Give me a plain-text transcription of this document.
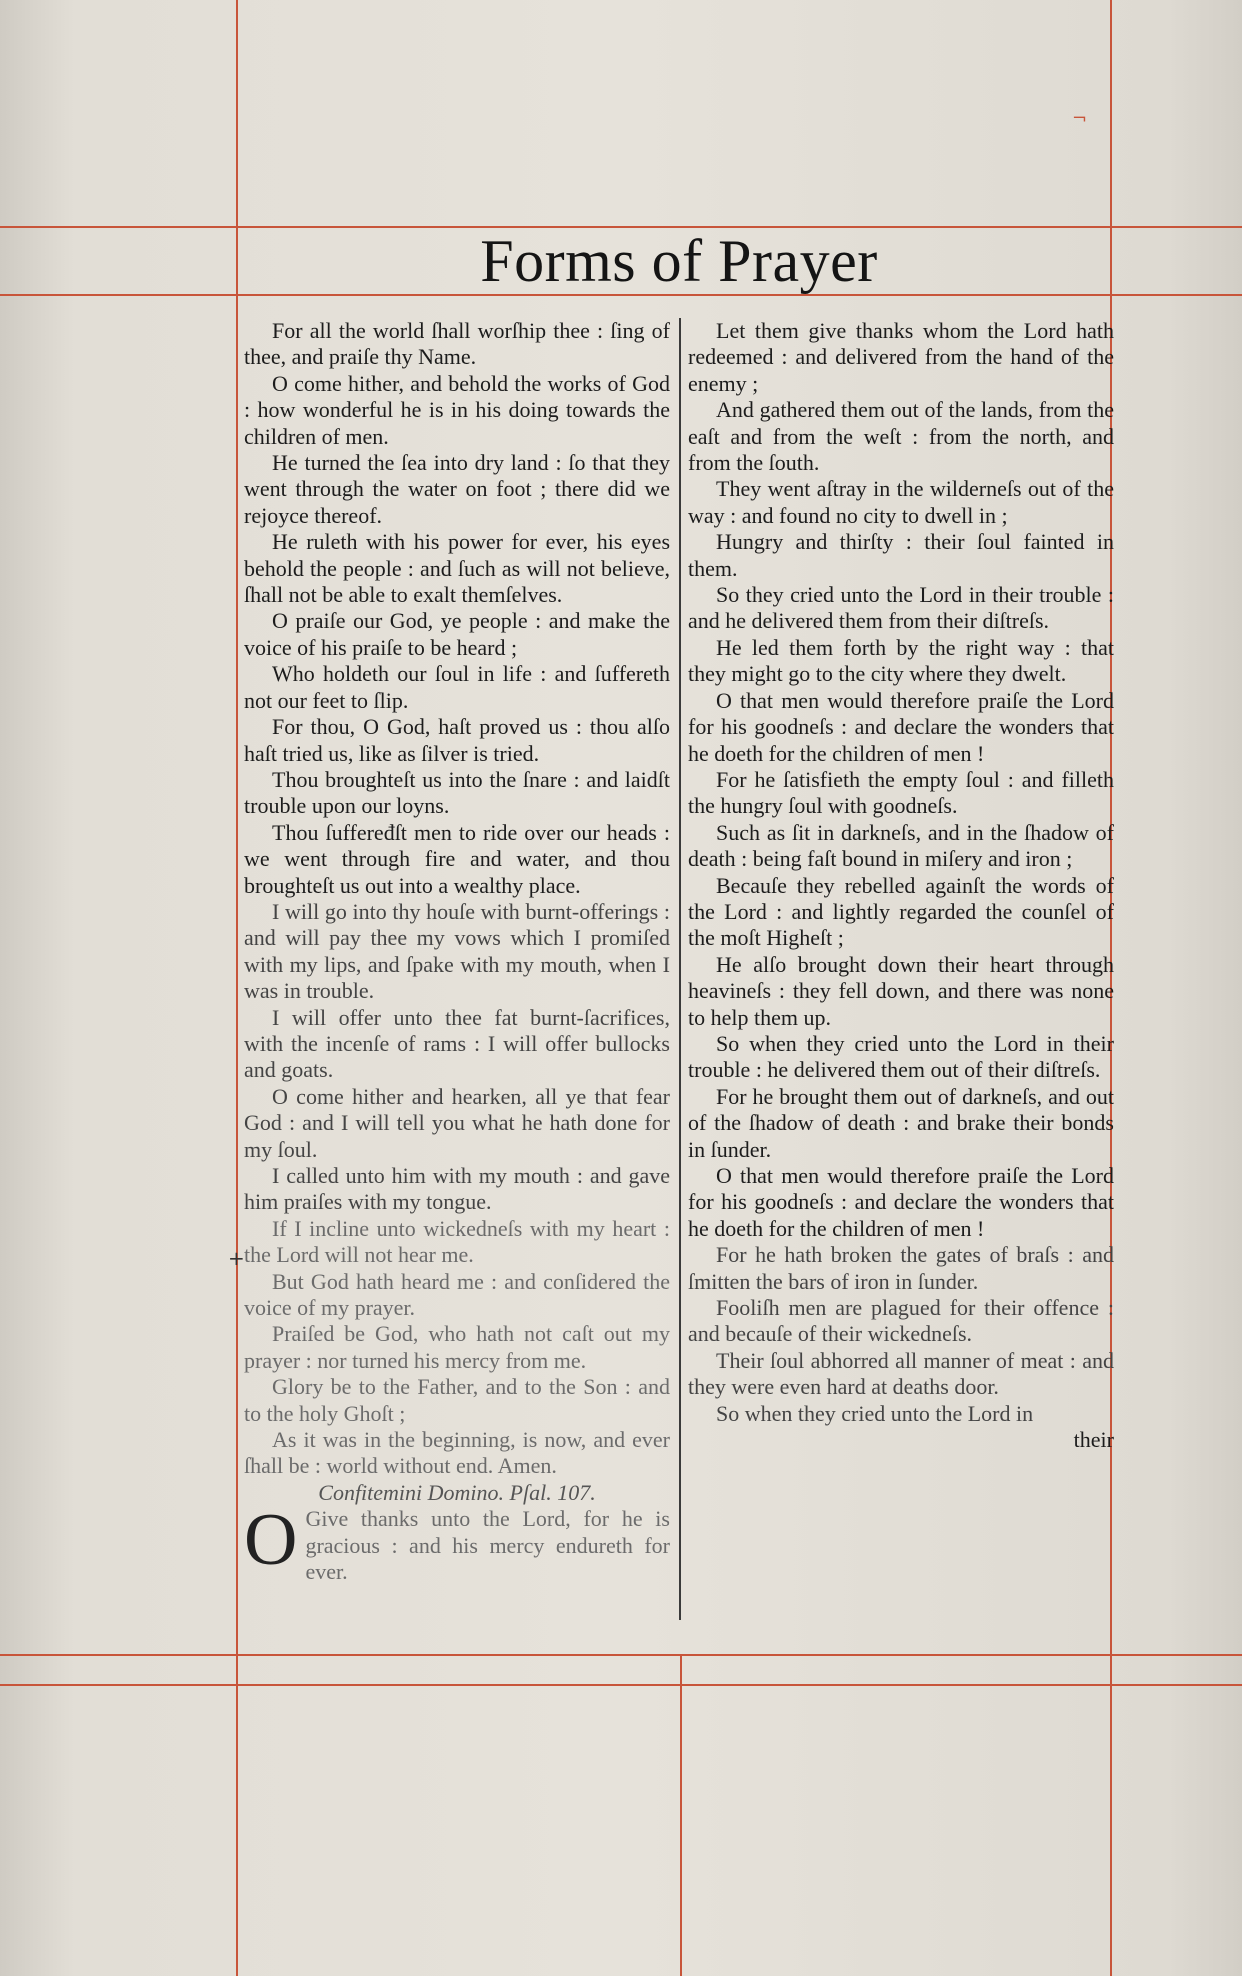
¬
Forms of Prayer
+

For all the world ſhall worſhip thee : ſing of thee, and praiſe thy Name.

O come hither, and behold the works of God : how wonderful he is in his doing towards the children of men.

He turned the ſea into dry land : ſo that they went through the water on foot ; there did we rejoyce thereof.

He ruleth with his power for ever, his eyes behold the people : and ſuch as will not believe, ſhall not be able to exalt themſelves.

O praiſe our God, ye people : and make the voice of his praiſe to be heard ;

Who holdeth our ſoul in life : and ſuffereth not our feet to ſlip.

For thou, O God, haſt proved us : thou alſo haſt tried us, like as ſilver is tried.

Thou broughteſt us into the ſnare : and laidſt trouble upon our loyns.

Thou ſuffeređſt men to ride over our heads : we went through fire and water, and thou broughteſt us out into a wealthy place.

I will go into thy houſe with burnt-offerings : and will pay thee my vows which I promiſed with my lips, and ſpake with my mouth, when I was in trouble.

I will offer unto thee fat burnt-ſacrifices, with the incenſe of rams : I will offer bullocks and goats.

O come hither and hearken, all ye that fear God : and I will tell you what he hath done for my ſoul.

I called unto him with my mouth : and gave him praiſes with my tongue.

If I incline unto wickedneſs with my heart : the Lord will not hear me.

But God hath heard me : and conſidered the voice of my prayer.

Praiſed be God, who hath not caſt out my prayer : nor turned his mercy from me.

Glory be to the Father, and to the Son : and to the holy Ghoſt ;

As it was in the beginning, is now, and ever ſhall be : world without end. Amen.

Confitemini Domino. Pſal. 107.

O Give thanks unto the Lord, for he is gracious : and his mercy endureth for ever.

Let them give thanks whom the Lord hath redeemed : and delivered from the hand of the enemy ;

And gathered them out of the lands, from the eaſt and from the weſt : from the north, and from the ſouth.

They went aſtray in the wilderneſs out of the way : and found no city to dwell in ;

Hungry and thirſty : their ſoul fainted in them.

So they cried unto the Lord in their trouble : and he delivered them from their diſtreſs.

He led them forth by the right way : that they might go to the city where they dwelt.

O that men would therefore praiſe the Lord for his goodneſs : and declare the wonders that he doeth for the children of men !

For he ſatisfieth the empty ſoul : and filleth the hungry ſoul with goodneſs.

Such as ſit in darkneſs, and in the ſhadow of death : being faſt bound in miſery and iron ;

Becauſe they rebelled againſt the words of the Lord : and lightly regarded the counſel of the moſt Higheſt ;

He alſo brought down their heart through heavineſs : they fell down, and there was none to help them up.

So when they cried unto the Lord in their trouble : he delivered them out of their diſtreſs.

For he brought them out of darkneſs, and out of the ſhadow of death : and brake their bonds in ſunder.

O that men would therefore praiſe the Lord for his goodneſs : and declare the wonders that he doeth for the children of men !

For he hath broken the gates of braſs : and ſmitten the bars of iron in ſunder.

Fooliſh men are plagued for their offence : and becauſe of their wickedneſs.

Their ſoul abhorred all manner of meat : and they were even hard at deaths door.

So when they cried unto the Lord in

their
